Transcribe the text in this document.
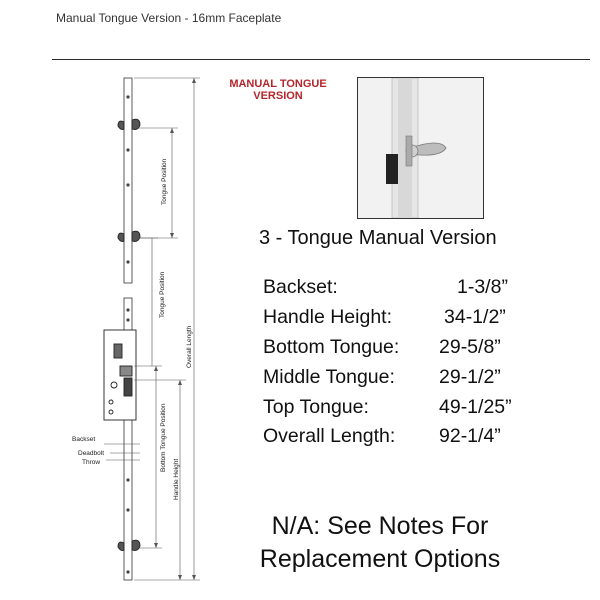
Manual Tongue Version - 16mm Faceplate
Tongue Position
Tongue Position
Overall Length
Bottom Tongue Position
Handle Height
Backset
Deadbolt
Throw
MANUAL TONGUE
VERSION
3 - Tongue Manual Version
Backset:	1-3/8”
Handle Height:	34-1/2”
Bottom Tongue: 29-5/8”
Middle Tongue: 29-1/2”
Top Tongue:	49-1/25”
Overall Length: 92-1/4”
N/A: See Notes For
Replacement Options
